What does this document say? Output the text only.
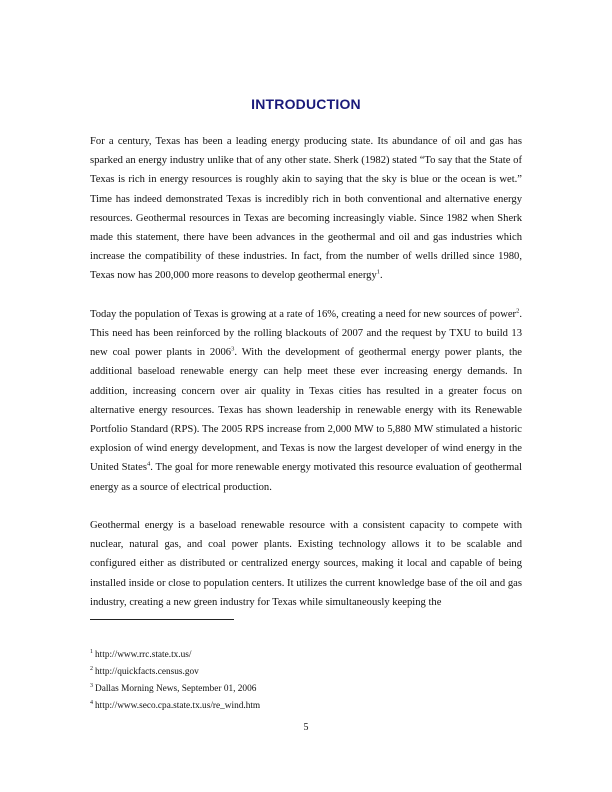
INTRODUCTION

For a century, Texas has been a leading energy producing state. Its abundance of oil and gas has sparked an energy industry unlike that of any other state. Sherk (1982) stated “To say that the State of Texas is rich in energy resources is roughly akin to saying that the sky is blue or the ocean is wet.” Time has indeed demonstrated Texas is incredibly rich in both conventional and alternative energy resources. Geothermal resources in Texas are becoming increasingly viable. Since 1982 when Sherk made this statement, there have been advances in the geothermal and oil and gas industries which increase the compatibility of these industries. In fact, from the number of wells drilled since 1980, Texas now has 200,000 more reasons to develop geothermal energy$^1$.

Today the population of Texas is growing at a rate of 16%, creating a need for new sources of power$^2$. This need has been reinforced by the rolling blackouts of 2007 and the request by TXU to build 13 new coal power plants in 2006$^3$. With the development of geothermal energy power plants, the additional baseload renewable energy can help meet these ever increasing energy demands. In addition, increasing concern over air quality in Texas cities has resulted in a greater focus on alternative energy resources. Texas has shown leadership in renewable energy with its Renewable Portfolio Standard (RPS). The 2005 RPS increase from 2,000 MW to 5,880 MW stimulated a historic explosion of wind energy development, and Texas is now the largest developer of wind energy in the United States$^4$. The goal for more renewable energy motivated this resource evaluation of geothermal energy as a source of electrical production.

Geothermal energy is a baseload renewable resource with a consistent capacity to compete with nuclear, natural gas, and coal power plants. Existing technology allows it to be scalable and configured either as distributed or centralized energy sources, making it local and capable of being installed inside or close to population centers. It utilizes the current knowledge base of the oil and gas industry, creating a new green industry for Texas while simultaneously keeping the

$^1$ http://www.rrc.state.tx.us/

$^2$ http://quickfacts.census.gov

$^3$ Dallas Morning News, September 01, 2006

$^4$ http://www.seco.cpa.state.tx.us/re_wind.htm

5
